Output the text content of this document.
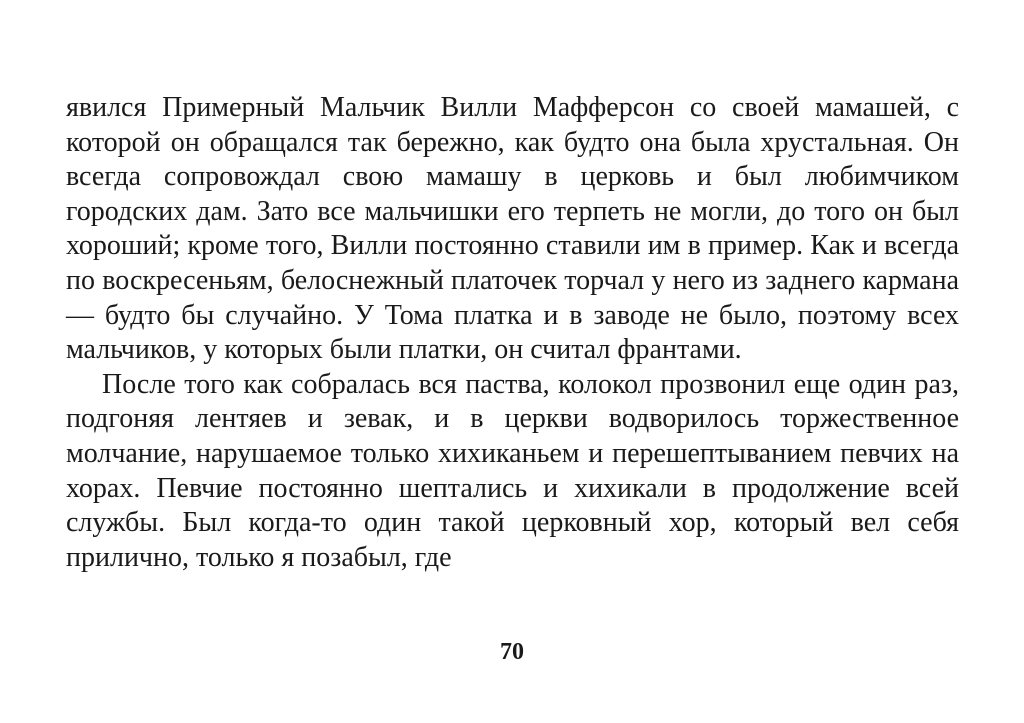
явился Примерный Мальчик Вилли Мафферсон со своей мамашей, с которой он обращался так бережно, как будто она была хрустальная. Он всегда сопровождал свою мамашу в церковь и был любимчиком городских дам. Зато все мальчишки его терпеть не могли, до того он был хороший; кроме того, Вилли постоянно ставили им в пример. Как и всегда по воскресеньям, белоснежный платочек торчал у него из заднего кармана — будто бы случайно. У Тома платка и в заводе не было, поэтому всех мальчиков, у которых были платки, он считал франтами.

После того как собралась вся паства, колокол прозвонил еще один раз, подгоняя лентяев и зевак, и в церкви водворилось торжественное молчание, нарушаемое только хихиканьем и перешептыванием певчих на хорах. Певчие постоянно шептались и хихикали в продолжение всей службы. Был когда-то один такой церковный хор, который вел себя прилично, только я позабыл, где

70
